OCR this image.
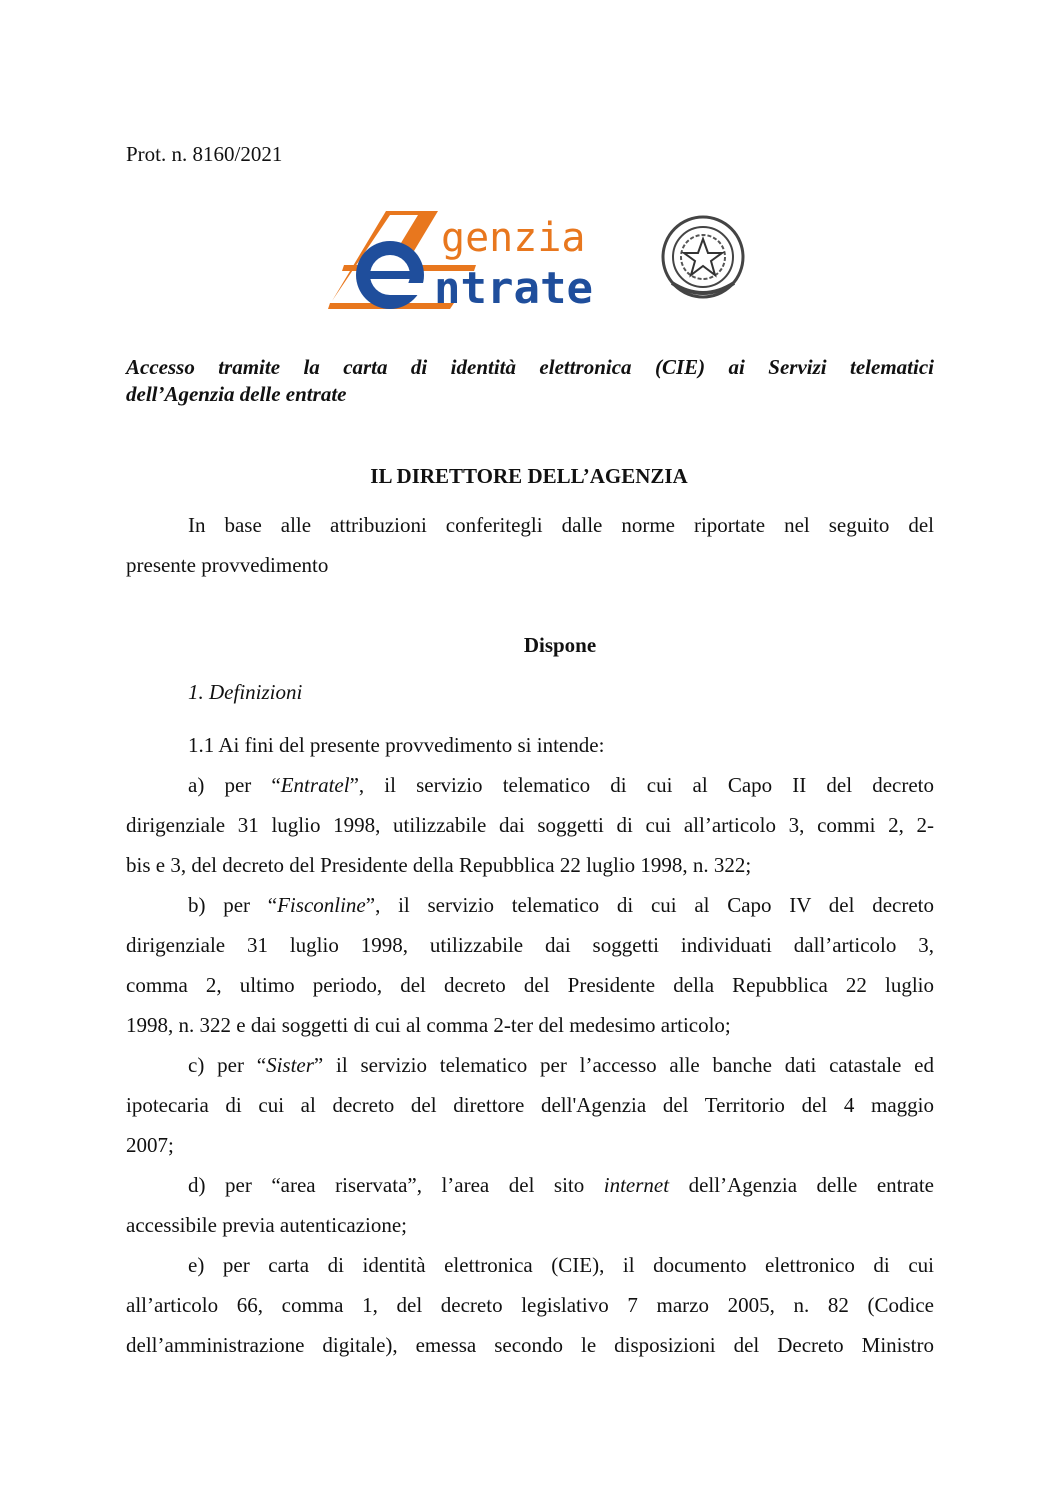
Prot. n. 8160/2021
genzia
ntrate
Accesso tramite la carta di identità elettronica (CIE) ai Servizi telematici
dell’Agenzia delle entrate
IL DIRETTORE DELL’AGENZIA
In base alle attribuzioni conferitegli dalle norme riportate nel seguito del
presente provvedimento
Dispone
1. Definizioni
1.1 Ai fini del presente provvedimento si intende:
a) per “Entratel”, il servizio telematico di cui al Capo II del decreto
dirigenziale 31 luglio 1998, utilizzabile dai soggetti di cui all’articolo 3, commi 2, 2-
bis e 3, del decreto del Presidente della Repubblica 22 luglio 1998, n. 322;
b) per “Fisconline”, il servizio telematico di cui al Capo IV del decreto
dirigenziale 31 luglio 1998, utilizzabile dai soggetti individuati dall’articolo 3,
comma 2, ultimo periodo, del decreto del Presidente della Repubblica 22 luglio
1998, n. 322 e dai soggetti di cui al comma 2-ter del medesimo articolo;
c) per “Sister” il servizio telematico per l’accesso alle banche dati catastale ed
ipotecaria di cui al decreto del direttore dell'Agenzia del Territorio del 4 maggio
2007;
d) per “area riservata”, l’area del sito internet dell’Agenzia delle entrate
accessibile previa autenticazione;
e) per carta di identità elettronica (CIE), il documento elettronico di cui
all’articolo 66, comma 1, del decreto legislativo 7 marzo 2005, n. 82 (Codice
dell’amministrazione digitale), emessa secondo le disposizioni del Decreto Ministro
